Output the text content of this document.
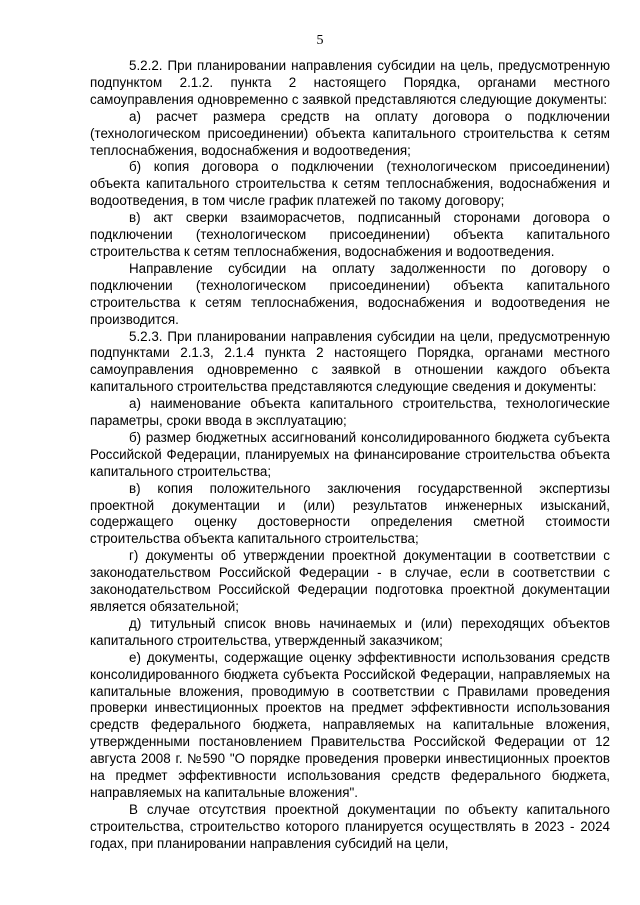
5

5.2.2. При планировании направления субсидии на цель, предусмотренную подпунктом 2.1.2. пункта 2 настоящего Порядка, органами местного самоуправления одновременно с заявкой представляются следующие документы:

а) расчет размера средств на оплату договора о подключении (технологическом присоединении) объекта капитального строительства к сетям теплоснабжения, водоснабжения и водоотведения;

б) копия договора о подключении (технологическом присоединении) объекта капитального строительства к сетям теплоснабжения, водоснабжения и водоотведения, в том числе график платежей по такому договору;

в) акт сверки взаиморасчетов, подписанный сторонами договора о подключении (технологическом присоединении) объекта капитального строительства к сетям теплоснабжения, водоснабжения и водоотведения.

Направление субсидии на оплату задолженности по договору о подключении (технологическом присоединении) объекта капитального строительства к сетям теплоснабжения, водоснабжения и водоотведения не производится.

5.2.3. При планировании направления субсидии на цели, предусмотренную подпунктами 2.1.3, 2.1.4 пункта 2 настоящего Порядка, органами местного самоуправления одновременно с заявкой в отношении каждого объекта капитального строительства представляются следующие сведения и документы:

а) наименование объекта капитального строительства, технологические параметры, сроки ввода в эксплуатацию;

б) размер бюджетных ассигнований консолидированного бюджета субъекта Российской Федерации, планируемых на финансирование строительства объекта капитального строительства;

в) копия положительного заключения государственной экспертизы проектной документации и (или) результатов инженерных изысканий, содержащего оценку достоверности определения сметной стоимости строительства объекта капитального строительства;

г) документы об утверждении проектной документации в соответствии с законодательством Российской Федерации - в случае, если в соответствии с законодательством Российской Федерации подготовка проектной документации является обязательной;

д) титульный список вновь начинаемых и (или) переходящих объектов капитального строительства, утвержденный заказчиком;

е) документы, содержащие оценку эффективности использования средств консолидированного бюджета субъекта Российской Федерации, направляемых на капитальные вложения, проводимую в соответствии с Правилами проведения проверки инвестиционных проектов на предмет эффективности использования средств федерального бюджета, направляемых на капитальные вложения, утвержденными постановлением Правительства Российской Федерации от 12 августа 2008 г. №590 "О порядке проведения проверки инвестиционных проектов на предмет эффективности использования средств федерального бюджета, направляемых на капитальные вложения".

В случае отсутствия проектной документации по объекту капитального строительства, строительство которого планируется осуществлять в 2023 - 2024 годах, при планировании направления субсидий на цели,
